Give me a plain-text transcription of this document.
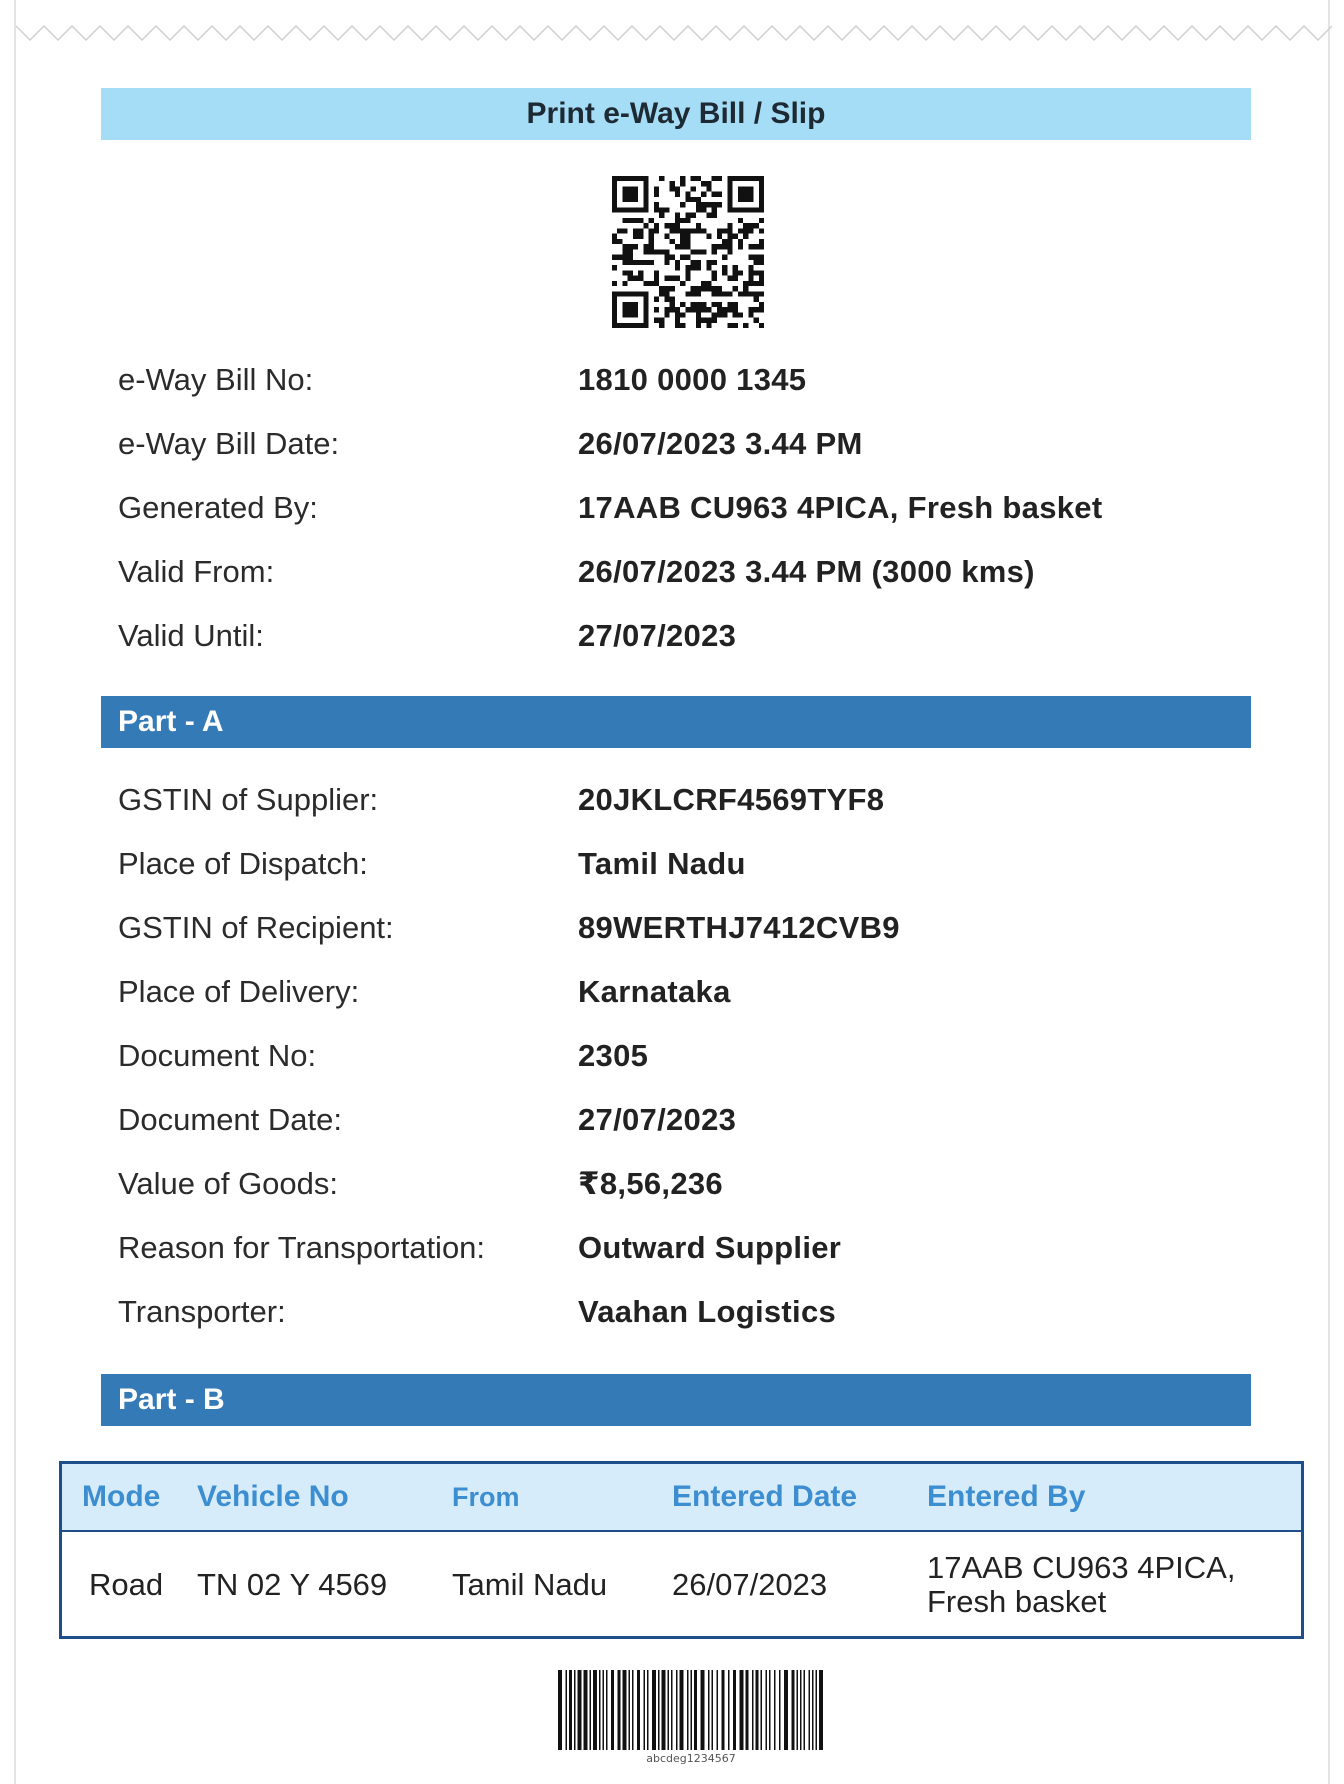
Print e-Way Bill / Slip
e-Way Bill No:	1810 0000 1345
e-Way Bill Date:	26/07/2023 3.44 PM
Generated By:	17AAB CU963 4PICA, Fresh basket
Valid From:	26/07/2023 3.44 PM (3000 kms)
Valid Until:	27/07/2023
Part - A
GSTIN of Supplier:	20JKLCRF4569TYF8
Place of Dispatch:	Tamil Nadu
GSTIN of Recipient:	89WERTHJ7412CVB9
Place of Delivery:	Karnataka
Document No:	2305
Document Date:	27/07/2023
Value of Goods:	₹8,56,236
Reason for Transportation:	Outward Supplier
Transporter:	Vaahan Logistics
Part - B
Mode	Vehicle No	From	Entered Date	Entered By
Road	TN 02 Y 4569	Tamil Nadu	26/07/2023	17AAB CU963 4PICA, Fresh basket
abcdeg1234567
